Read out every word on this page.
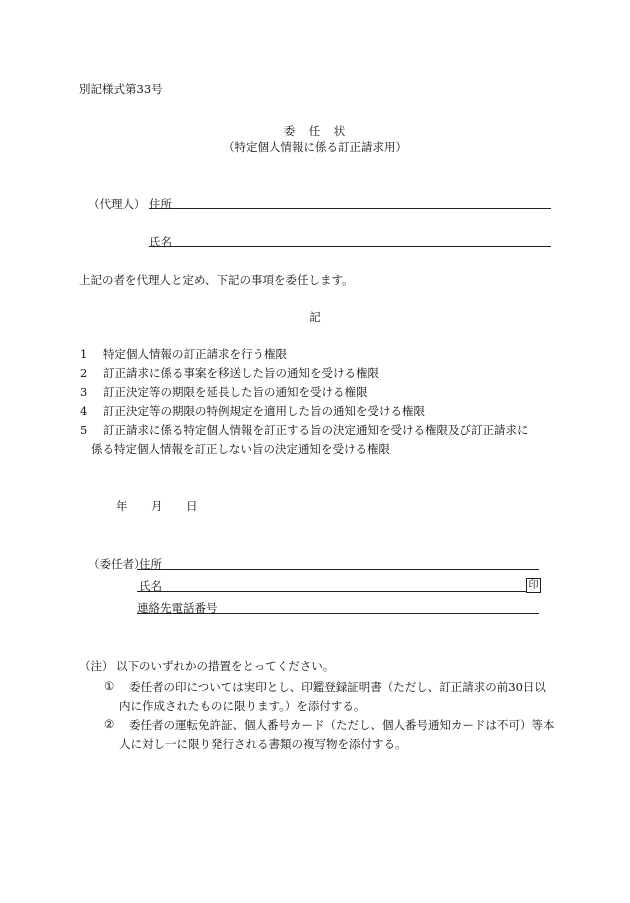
別記様式第33号
委　任　状
（特定個人情報に係る訂正請求用）
（代理人） 住所
氏名
上記の者を代理人と定め、下記の事項を委任します。
記
1 特定個人情報の訂正請求を行う権限
2 訂正請求に係る事案を移送した旨の通知を受ける権限
3 訂正決定等の期限を延長した旨の通知を受ける権限
4 訂正決定等の期限の特例規定を適用した旨の通知を受ける権限
5 訂正請求に係る特定個人情報を訂正する旨の決定通知を受ける権限及び訂正請求に
係る特定個人情報を訂正しない旨の決定通知を受ける権限
年 月 日
（委任者）
住所
氏名	印
連絡先電話番号
（注） 以下のいずれかの措置をとってください。
①	委任者の印については実印とし、印鑑登録証明書（ただし、訂正請求の前30日以内に作成されたものに限ります。）を添付する。
②	委任者の運転免許証、個人番号カード（ただし、個人番号通知カードは不可）等本人に対し一に限り発行される書類の複写物を添付する。
